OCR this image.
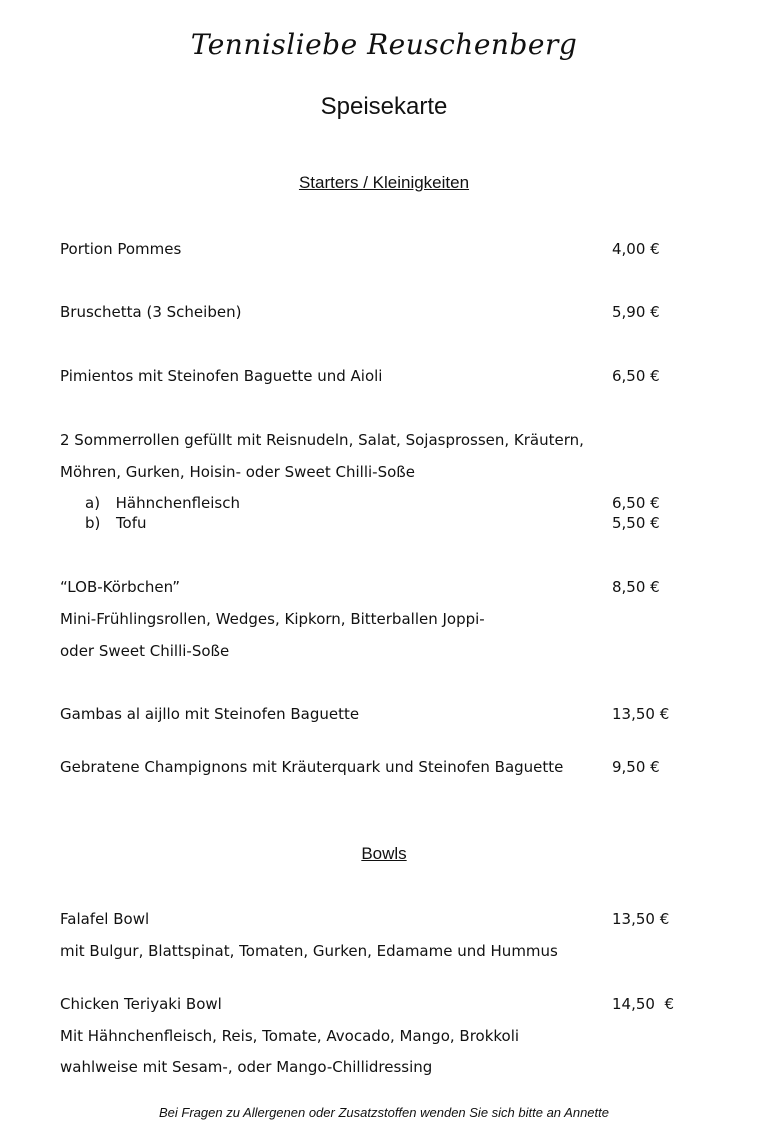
Tennisliebe Reuschenberg
Speisekarte
Starters / Kleinigkeiten
Portion Pommes	4,00 €
Bruschetta (3 Scheiben)	5,90 €
Pimientos mit Steinofen Baguette und Aioli	6,50 €
2 Sommerrollen gefüllt mit Reisnudeln, Salat, Sojasprossen, Kräutern,
Möhren, Gurken, Hoisin- oder Sweet Chilli-Soße
a) Hähnchenfleisch	6,50 €
b) Tofu	5,50 €
“LOB-Körbchen”	8,50 €
Mini-Frühlingsrollen, Wedges, Kipkorn, Bitterballen Joppi-
oder Sweet Chilli-Soße
Gambas al aijllo mit Steinofen Baguette	13,50 €
Gebratene Champignons mit Kräuterquark und Steinofen Baguette	9,50 €
Bowls
Falafel Bowl	13,50 €
mit Bulgur, Blattspinat, Tomaten, Gurken, Edamame und Hummus
Chicken Teriyaki Bowl	14,50  €
Mit Hähnchenfleisch, Reis, Tomate, Avocado, Mango, Brokkoli
wahlweise mit Sesam-, oder Mango-Chillidressing
Bei Fragen zu Allergenen oder Zusatzstoffen wenden Sie sich bitte an Annette
